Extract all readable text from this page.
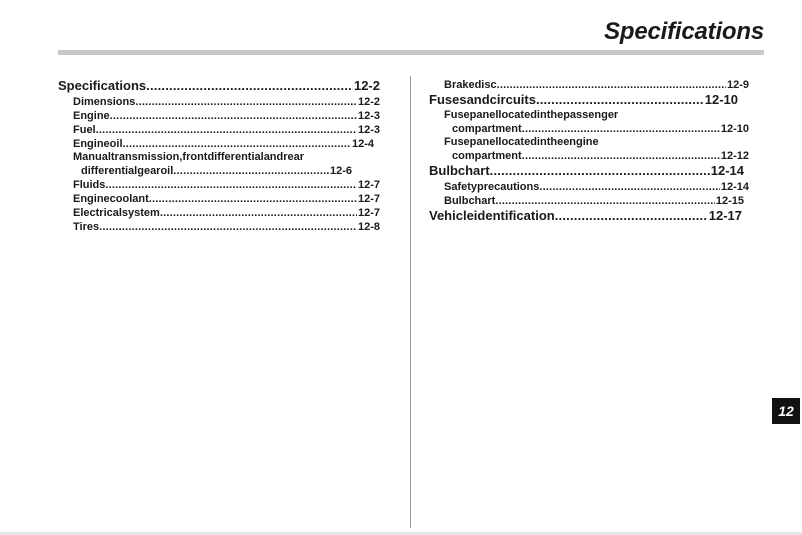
Specifications
Specifications .....	12-2
Dimensions .....	12-2
Engine .....	12-3
Fuel .....	12-3
Engineoil .....	12-4
Manualtransmission,frontdifferentialandrear
differentialgearoil .....	12-6
Fluids .....	12-7
Enginecoolant .....	12-7
Electricalsystem .....	12-7
Tires .....	12-8
Brakedisc .....	12-9
Fusesandcircuits .....	12-10
Fusepanellocatedinthepassenger
compartment .....	12-10
Fusepanellocatedintheengine
compartment .....	12-12
Bulbchart .....	12-14
Safetyprecautions .....	12-14
Bulbchart .....	12-15
Vehicleidentification .....	12-17
12
